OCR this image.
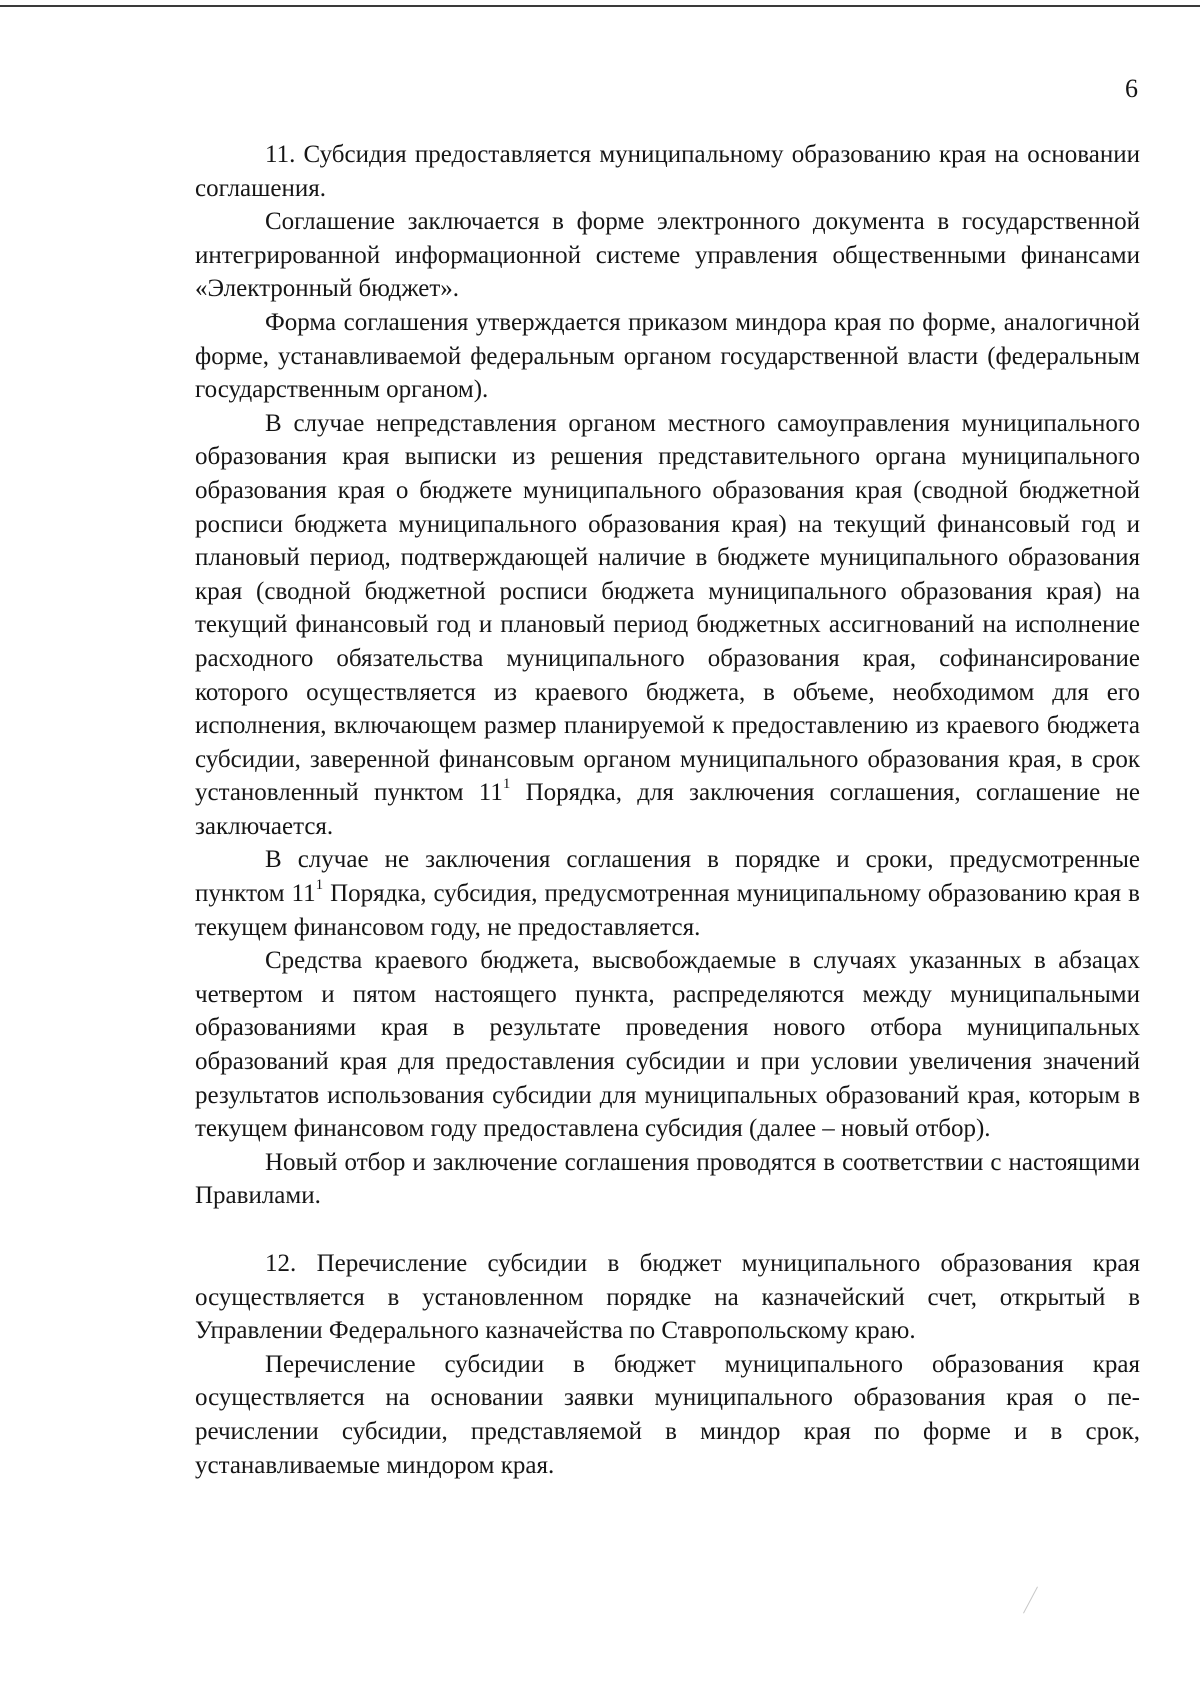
6

11. Субсидия предоставляется муниципальному образованию края на основании соглашения.

Соглашение заключается в форме электронного документа в государственной интегрированной информационной системе управления общественными финансами «Электронный бюджет».

Форма соглашения утверждается приказом миндора края по форме, аналогичной форме, устанавливаемой федеральным органом государственной власти (федеральным государственным органом).

В случае непредставления органом местного самоуправления муниципального образования края выписки из решения представительного органа муниципального образования края о бюджете муниципального образования края (сводной бюджетной росписи бюджета муниципального образования края) на текущий финансовый год и плановый период, подтверждающей наличие в бюджете муниципального образования края (сводной бюджетной росписи бюджета муниципального образования края) на текущий финансовый год и плановый период бюджетных ассигнований на исполнение расходного обязательства муниципального образования края, софинансирование которого осуществляется из краевого бюджета, в объеме, необходимом для его исполнения, включающем размер планируемой к предоставлению из краевого бюджета субсидии, заверенной финансовым органом муниципального образования края, в срок установленный пунктом $11^1$ Порядка, для заключения соглашения, соглашение не заключается.

В случае не заключения соглашения в порядке и сроки, предусмотренные пунктом $11^1$ Порядка, субсидия, предусмотренная муниципальному образованию края в текущем финансовом году, не предоставляется.

Средства краевого бюджета, высвобождаемые в случаях указанных в абзацах четвертом и пятом настоящего пункта, распределяются между муниципальными образованиями края в результате проведения нового отбора муниципальных образований края для предоставления субсидии и при условии увеличения значений результатов использования субсидии для муниципальных образований края, которым в текущем финансовом году предоставлена субсидия (далее – новый отбор).

Новый отбор и заключение соглашения проводятся в соответствии с настоящими Правилами.

12. Перечисление субсидии в бюджет муниципального образования края осуществляется в установленном порядке на казначейский счет, открытый в Управлении Федерального казначейства по Ставропольскому краю.

Перечисление субсидии в бюджет муниципального образования края осуществляется на основании заявки муниципального образования края о перечислении субсидии, представляемой в миндор края по форме и в срок, устанавливаемые миндором края.
